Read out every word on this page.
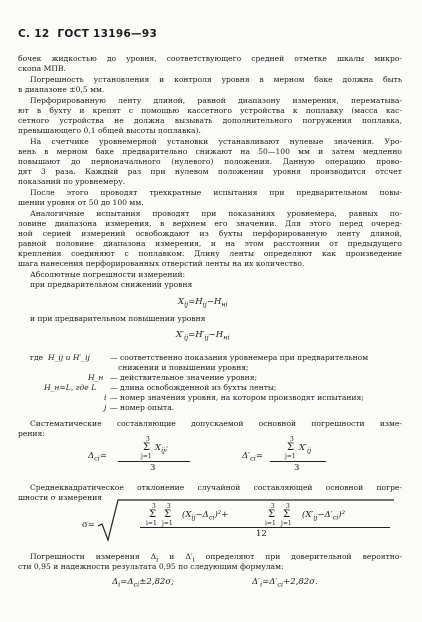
С. 12 ГОСТ 13196—93
бочек жидкостью до уровня, соответствующего средней отметке шкалы микро-
скопа МПВ.
Погрешность установления и контроля уровня в мерном баке должна быть
в диапазоне ±0,5 мм.
Перфорированную ленту длиной, равной диапазону измерения, перематыва-
ют в бухту и крепят с помощью кассетного устройства к поплавку (масса кас-
сетного устройства не должна вызывать дополнительного погружения поплавка,
превышающего 0,1 общей высоты поплавка).
На счетчике уровнемерной установки устанавливают нулевые значения. Уро-
вень в мерном баке предварительно снижают на 50—100 мм и затем медленно
повышают до первоначального (нулевого) положения. Данную операцию прово-
дят 3 раза. Каждый раз при нулевом положении уровня производится отсчет
показаний по уровнемеру.
После этого проводят трехкратные испытания при предварительном повы-
шении уровня от 50 до 100 мм.
Аналогичные испытания проводят при показаниях уровнемера, равных по-
ловине диапазона измерения, в верхнем его значении. Для этого перед очеред-
ной серией измерений освобождают из бухты перфорированную ленту длиной,
равной половине диапазона измерения, и на этом расстоянии от предыдущего
крепления соединяют с поплавком. Длину ленты определяют как произведение
шага нанесения перфорированных отверстий ленты на их количество.
Абсолютные погрешности измерений:
при предварительном снижении уровня
$X_{ij}=H_{ij}-H_{нi}$
и при предварительном повышении уровня
$X'_{ij}=H'_{ij}-H_{нi}$
где H_ij и H′_ij	— соответственно показания уровнемера при предварительном
снижении и повышении уровня;
H_н — действительное значение уровня;
H_н=L, где L — длина освобожденной из бухты ленты;
i — номер значения уровня, на котором производят испытания;
j — номер опыта.
Систематические составляющие допускаемой основной погрешности изме-
рения:
$\Delta_{ci}=$
3
Σ $X_{ij}$;
j=1
3
$\Delta'_{ci}=$
3
Σ $X'_{ij}$
j=1
3
Среднеквадратическое отклонение случайной составляющей основной погре-
шности σ измерения
σ=
3 3
Σ Σ
i=1 j=1
$(X_{ij}-\Delta_{ci})^2+$
3 3
Σ Σ
i=1 j=1
$(X'_{ij}-\Delta'_{ci})^2$
12
Погрешности измерения $\Delta_i$ и $\Delta'_i$ определяют при доверительной вероятно-
сти 0,95 и надежности результата 0,95 по следующим формулам:
$\Delta_i=\Delta_{ci}\pm 2,82\sigma$;	$\Delta'_i=\Delta'_{ci}+2,82\sigma$.
